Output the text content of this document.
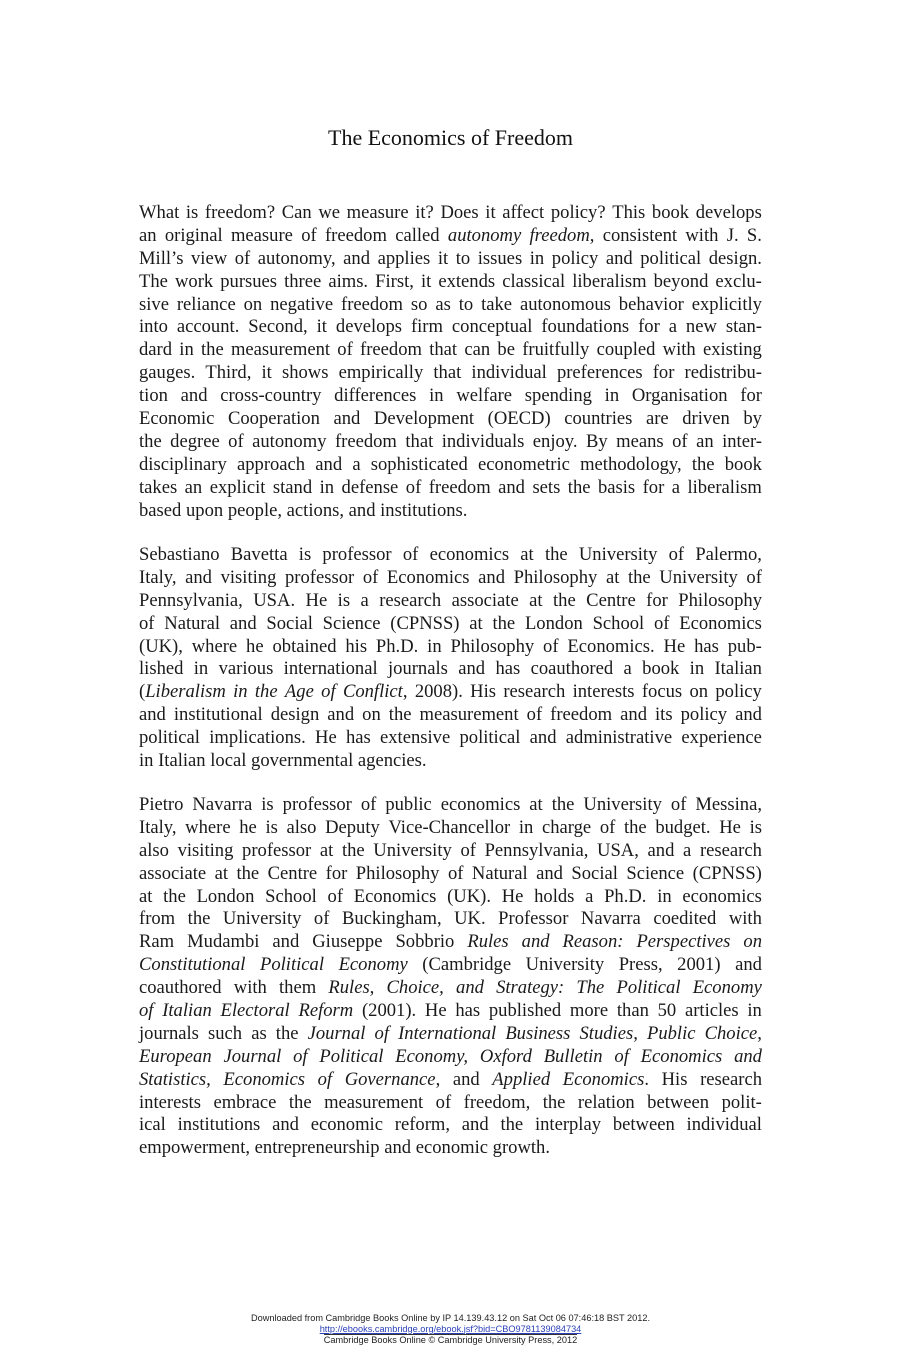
The Economics of Freedom
What is freedom? Can we measure it? Does it affect policy? This book develops
an original measure of freedom called autonomy freedom, consistent with J. S.
Mill’s view of autonomy, and applies it to issues in policy and political design.
The work pursues three aims. First, it extends classical liberalism beyond exclu-
sive reliance on negative freedom so as to take autonomous behavior explicitly
into account. Second, it develops firm conceptual foundations for a new stan-
dard in the measurement of freedom that can be fruitfully coupled with existing
gauges. Third, it shows empirically that individual preferences for redistribu-
tion and cross-country differences in welfare spending in Organisation for
Economic Cooperation and Development (OECD) countries are driven by
the degree of autonomy freedom that individuals enjoy. By means of an inter-
disciplinary approach and a sophisticated econometric methodology, the book
takes an explicit stand in defense of freedom and sets the basis for a liberalism
based upon people, actions, and institutions.
Sebastiano Bavetta is professor of economics at the University of Palermo,
Italy, and visiting professor of Economics and Philosophy at the University of
Pennsylvania, USA. He is a research associate at the Centre for Philosophy
of Natural and Social Science (CPNSS) at the London School of Economics
(UK), where he obtained his Ph.D. in Philosophy of Economics. He has pub-
lished in various international journals and has coauthored a book in Italian
(Liberalism in the Age of Conflict, 2008). His research interests focus on policy
and institutional design and on the measurement of freedom and its policy and
political implications. He has extensive political and administrative experience
in Italian local governmental agencies.
Pietro Navarra is professor of public economics at the University of Messina,
Italy, where he is also Deputy Vice-Chancellor in charge of the budget. He is
also visiting professor at the University of Pennsylvania, USA, and a research
associate at the Centre for Philosophy of Natural and Social Science (CPNSS)
at the London School of Economics (UK). He holds a Ph.D. in economics
from the University of Buckingham, UK. Professor Navarra coedited with
Ram Mudambi and Giuseppe Sobbrio Rules and Reason: Perspectives on
Constitutional Political Economy (Cambridge University Press, 2001) and
coauthored with them Rules, Choice, and Strategy: The Political Economy
of Italian Electoral Reform (2001). He has published more than 50 articles in
journals such as the Journal of International Business Studies, Public Choice,
European Journal of Political Economy, Oxford Bulletin of Economics and
Statistics, Economics of Governance, and Applied Economics. His research
interests embrace the measurement of freedom, the relation between polit-
ical institutions and economic reform, and the interplay between individual
empowerment, entrepreneurship and economic growth.
Downloaded from Cambridge Books Online by IP 14.139.43.12 on Sat Oct 06 07:46:18 BST 2012.
http://ebooks.cambridge.org/ebook.jsf?bid=CBO9781139084734
Cambridge Books Online © Cambridge University Press, 2012
